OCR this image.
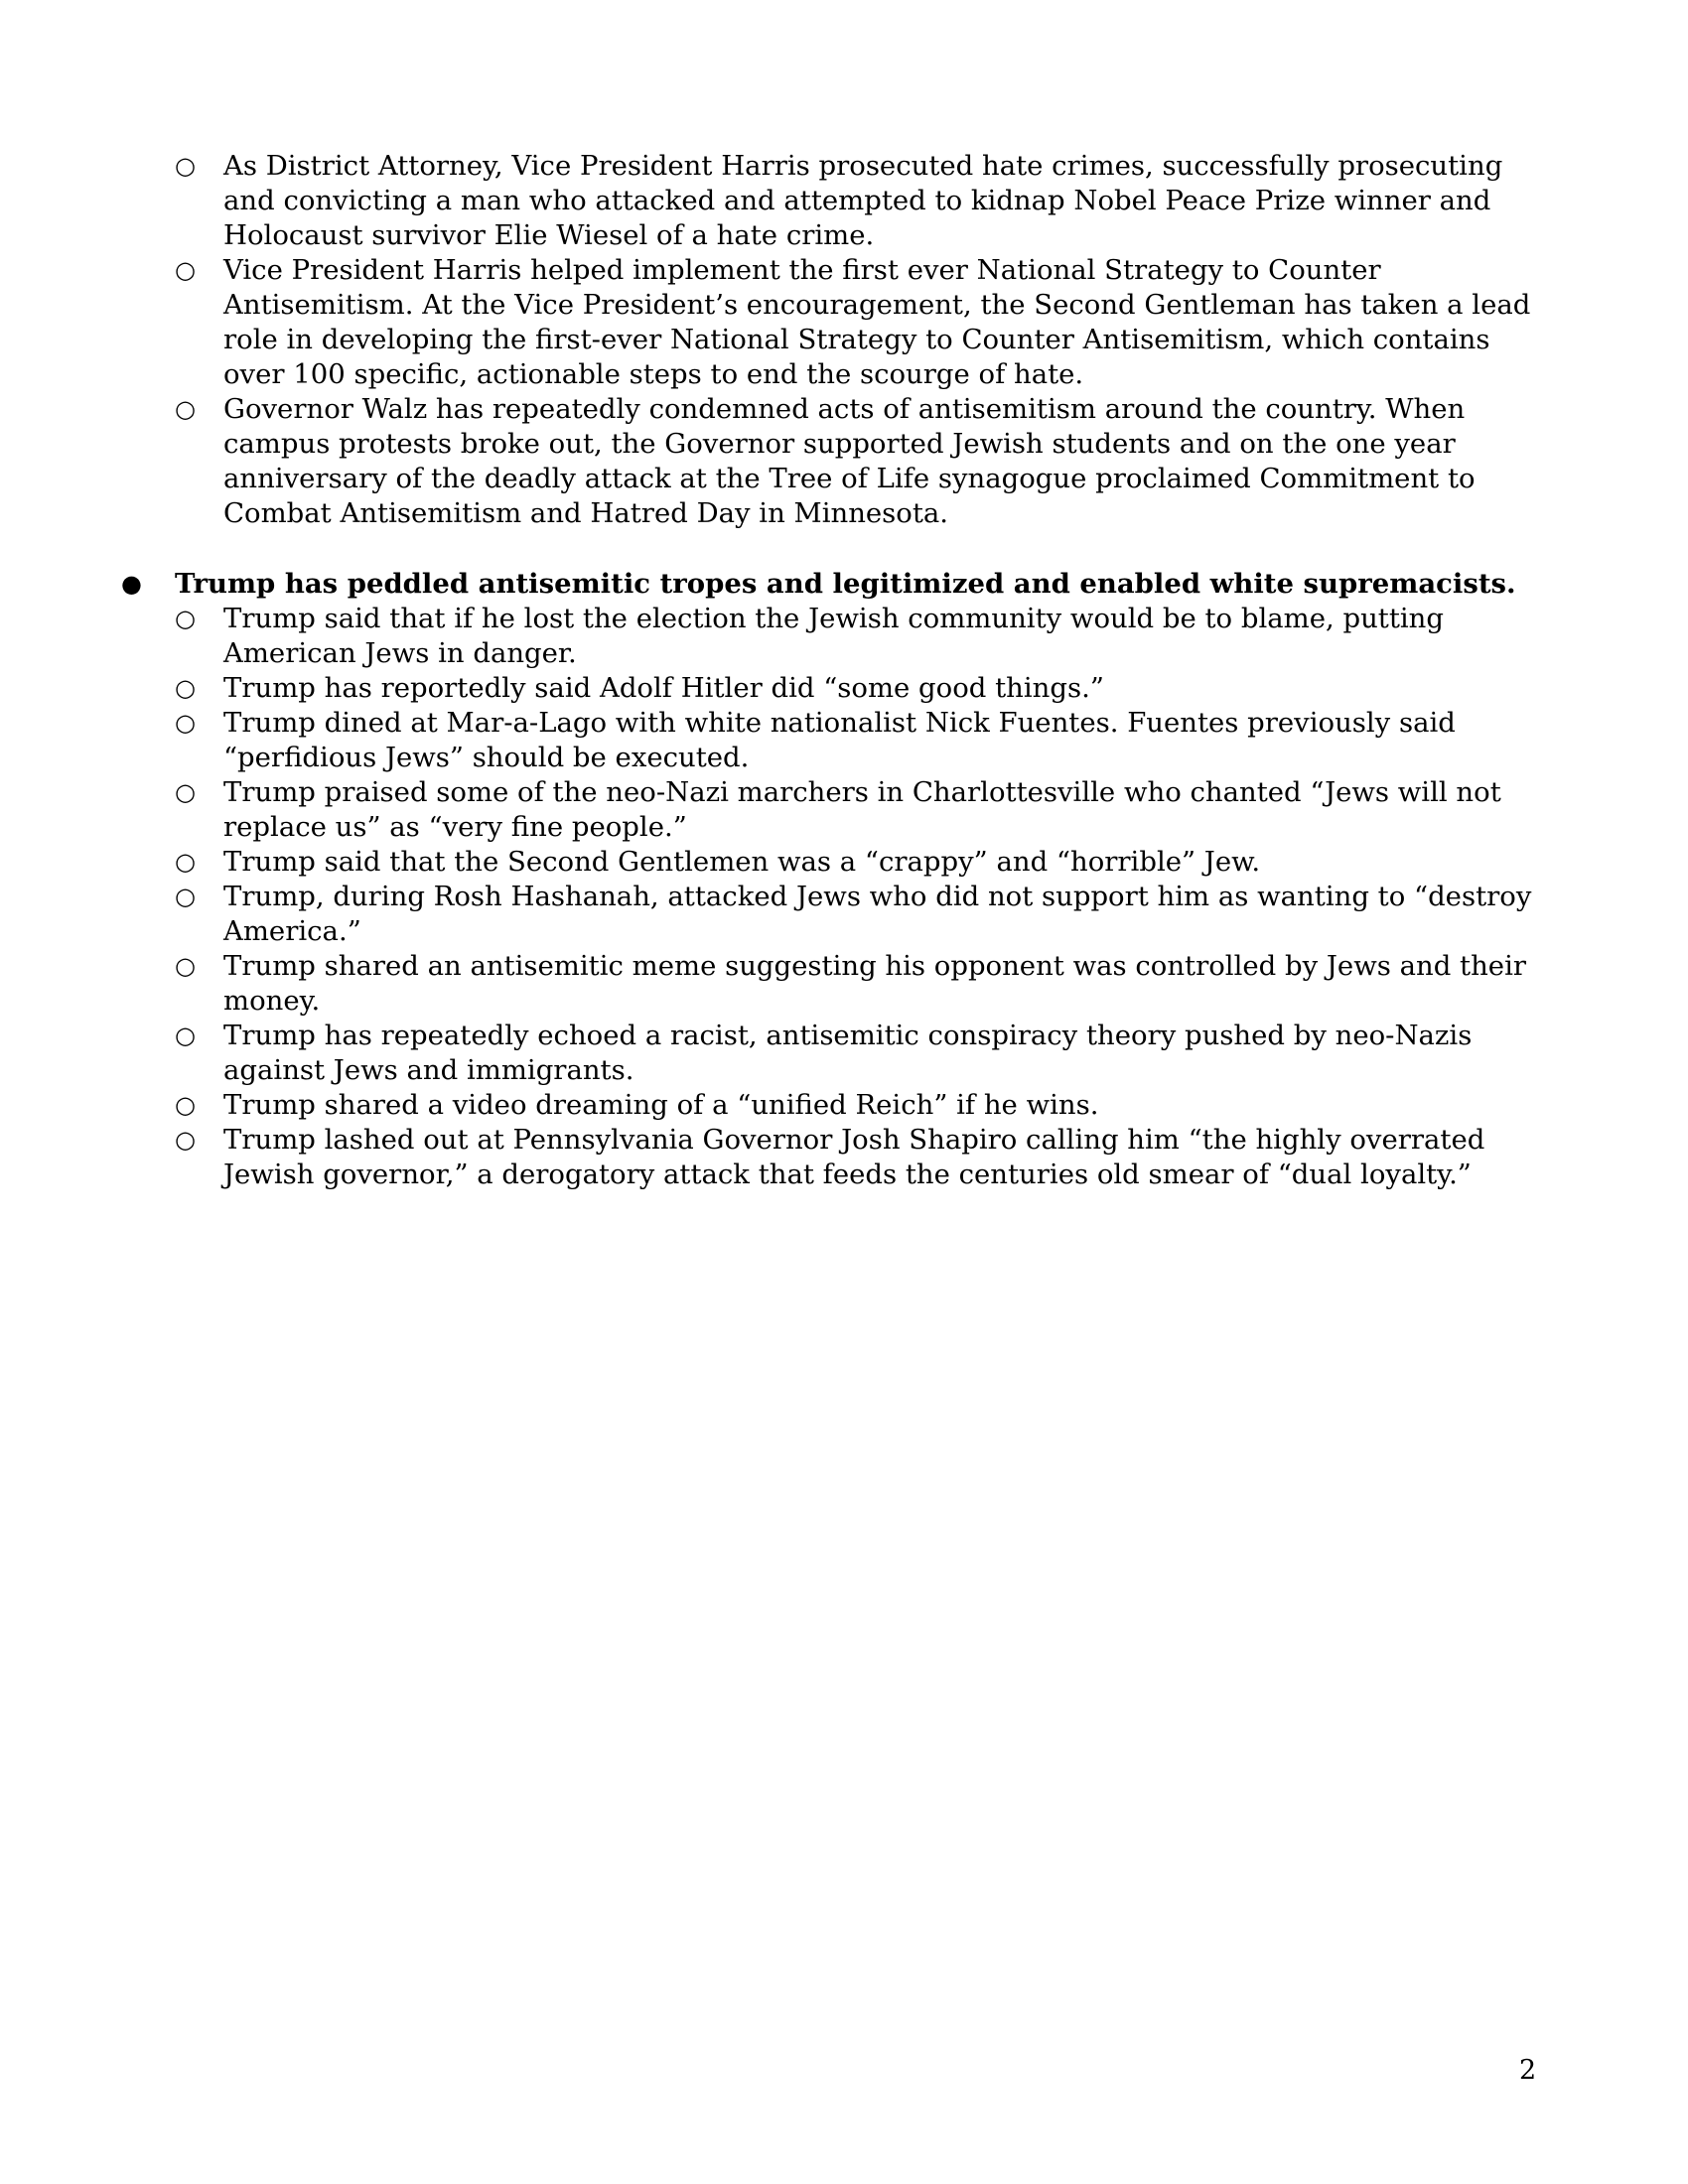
○ As District Attorney, Vice President Harris prosecuted hate crimes, successfully prosecuting and convicting a man who attacked and attempted to kidnap Nobel Peace Prize winner and Holocaust survivor Elie Wiesel of a hate crime.
○ Vice President Harris helped implement the first ever National Strategy to Counter Antisemitism. At the Vice President’s encouragement, the Second Gentleman has taken a lead role in developing the first-ever National Strategy to Counter Antisemitism, which contains over 100 specific, actionable steps to end the scourge of hate.
○ Governor Walz has repeatedly condemned acts of antisemitism around the country. When campus protests broke out, the Governor supported Jewish students and on the one year anniversary of the deadly attack at the Tree of Life synagogue proclaimed Commitment to Combat Antisemitism and Hatred Day in Minnesota.
● Trump has peddled antisemitic tropes and legitimized and enabled white supremacists.
○ Trump said that if he lost the election the Jewish community would be to blame, putting American Jews in danger.
○ Trump has reportedly said Adolf Hitler did “some good things.”
○ Trump dined at Mar-a-Lago with white nationalist Nick Fuentes. Fuentes previously said “perfidious Jews” should be executed.
○ Trump praised some of the neo-Nazi marchers in Charlottesville who chanted “Jews will not replace us” as “very fine people.”
○ Trump said that the Second Gentlemen was a “crappy” and “horrible” Jew.
○ Trump, during Rosh Hashanah, attacked Jews who did not support him as wanting to “destroy America.”
○ Trump shared an antisemitic meme suggesting his opponent was controlled by Jews and their money.
○ Trump has repeatedly echoed a racist, antisemitic conspiracy theory pushed by neo-Nazis against Jews and immigrants.
○ Trump shared a video dreaming of a “unified Reich” if he wins.
○ Trump lashed out at Pennsylvania Governor Josh Shapiro calling him “the highly overrated Jewish governor,” a derogatory attack that feeds the centuries old smear of “dual loyalty.”
2
